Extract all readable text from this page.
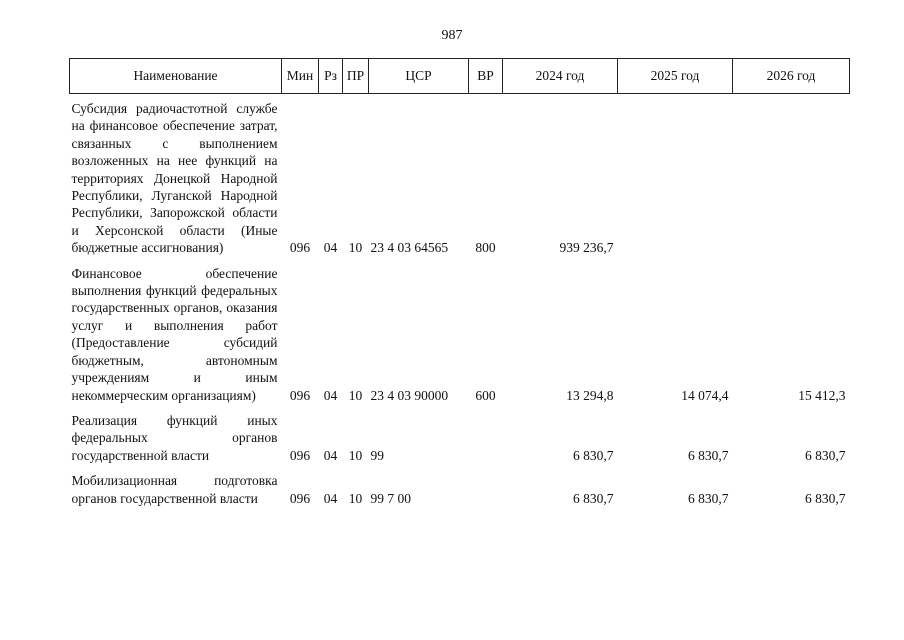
987
Наименование	Мин	Рз	ПР	ЦСР	ВР	2024 год	2025 год	2026 год
Субсидия радиочастотной службе на финансовое обеспечение затрат, связанных с выполнением возложенных на нее функций на территориях Донецкой Народной Республики, Луганской Народной Республики, Запорожской области и Херсонской области (Иные бюджетные ассигнования)	096	04	10	23 4 03 64565	800	939 236,7		
Финансовое обеспечение выполнения функций федеральных государственных органов, оказания услуг и выполнения работ (Предоставление субсидий бюджетным, автономным учреждениям и иным некоммерческим организациям)	096	04	10	23 4 03 90000	600	13 294,8	14 074,4	15 412,3
Реализация функций иных федеральных органов государственной власти	096	04	10	99		6 830,7	6 830,7	6 830,7
Мобилизационная подготовка органов государственной власти	096	04	10	99 7 00		6 830,7	6 830,7	6 830,7
